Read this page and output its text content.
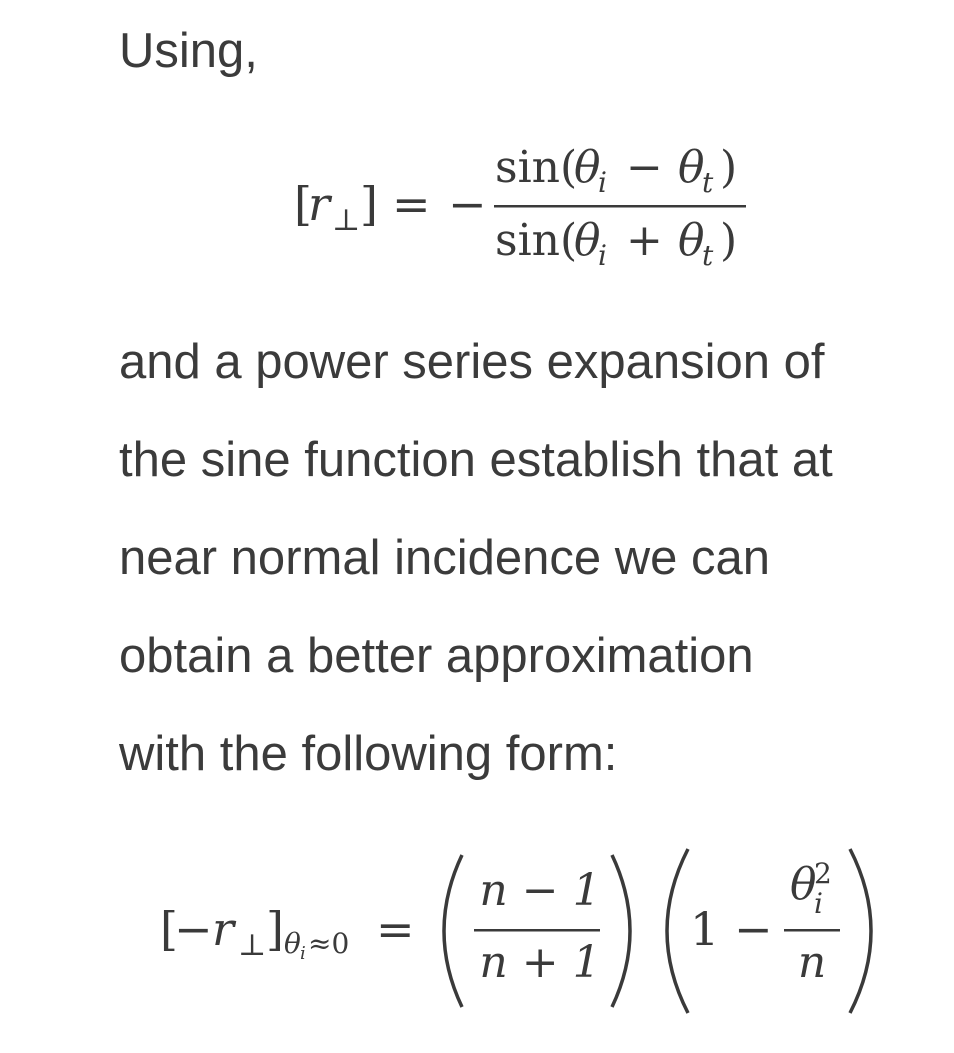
Using,

[
r ⊥ ] = −
sin(
θ
i − θ
t )
sin(
θ
i + θ
t )

and a power series expansion of

the sine function establish that at

near normal incidence we can

obtain a better approximation

with the following form:

[
− r ⊥ ] θ i ≈0 =
n − 1
n + 1
1 −
θ
2
i
n
